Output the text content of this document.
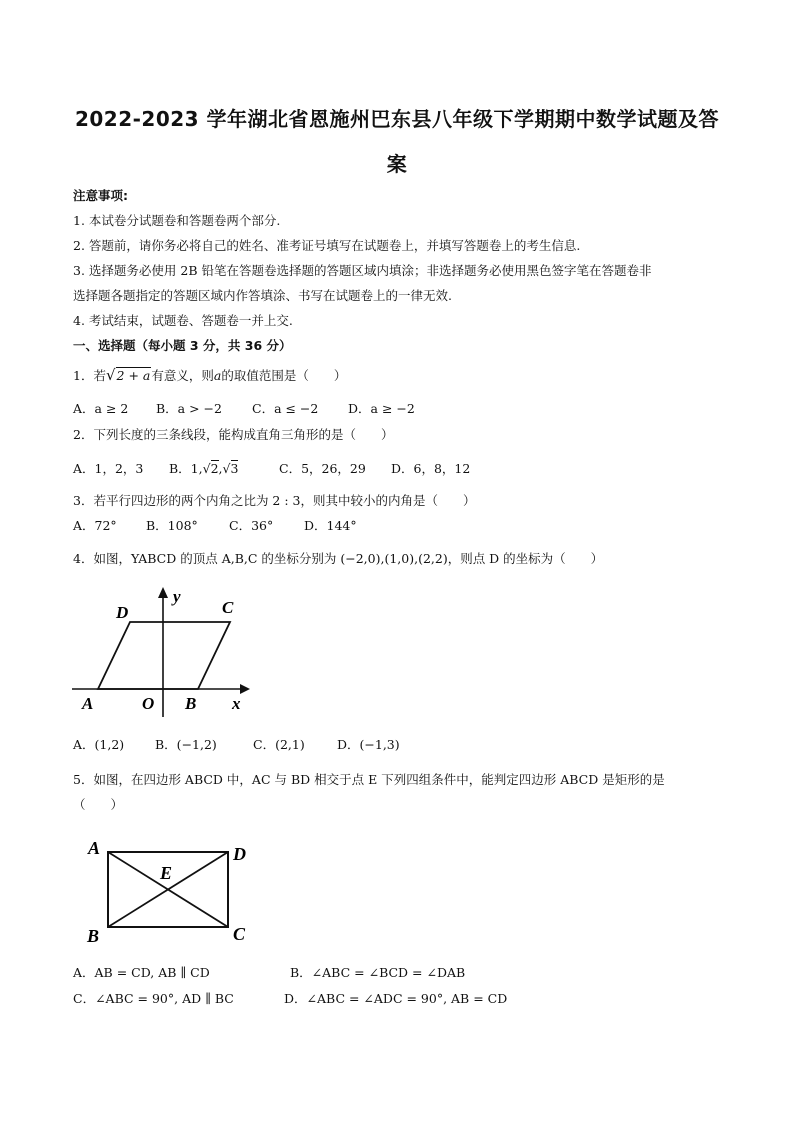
2022-2023 学年湖北省恩施州巴东县八年级下学期期中数学试题及答
案
注意事项:
1. 本试卷分试题卷和答题卷两个部分.
2. 答题前，请你务必将自己的姓名、准考证号填写在试题卷上，并填写答题卷上的考生信息.
3. 选择题务必使用 2B 铅笔在答题卷选择题的答题区域内填涂；非选择题务必使用黑色签字笔在答题卷非
选择题各题指定的答题区域内作答填涂、书写在试题卷上的一律无效.
4. 考试结束，试题卷、答题卷一并上交.
一、选择题（每小题 3 分，共 36 分）
1．若√2 + a有意义，则a的取值范围是（　　）
A．a ≥ 2 B．a > −2 C．a ≤ −2 D．a ≥ −2
2．下列长度的三条线段，能构成直角三角形的是（　　）
A．1，2，3 B．1,√2,√3	C．5，26，29 D．6，8，12
3．若平行四边形的两个内角之比为 2 : 3，则其中较小的内角是（　　）
A．72° B．108° C．36° D．144°
4．如图，YABCD 的顶点 A,B,C 的坐标分别为 (−2,0),(1,0),(2,2)，则点 D 的坐标为（　　）
D	C
y
A	O B x
A．(1,2) B．(−1,2)	C．(2,1)	D．(−1,3)
5．如图，在四边形 ABCD 中，AC 与 BD 相交于点 E 下列四组条件中，能判定四边形 ABCD 是矩形的是
（　　）
A	D
E
B	C
A．AB = CD, AB ∥ CD	B．∠ABC = ∠BCD = ∠DAB
C．∠ABC = 90°, AD ∥ BC	D．∠ABC = ∠ADC = 90°, AB = CD
